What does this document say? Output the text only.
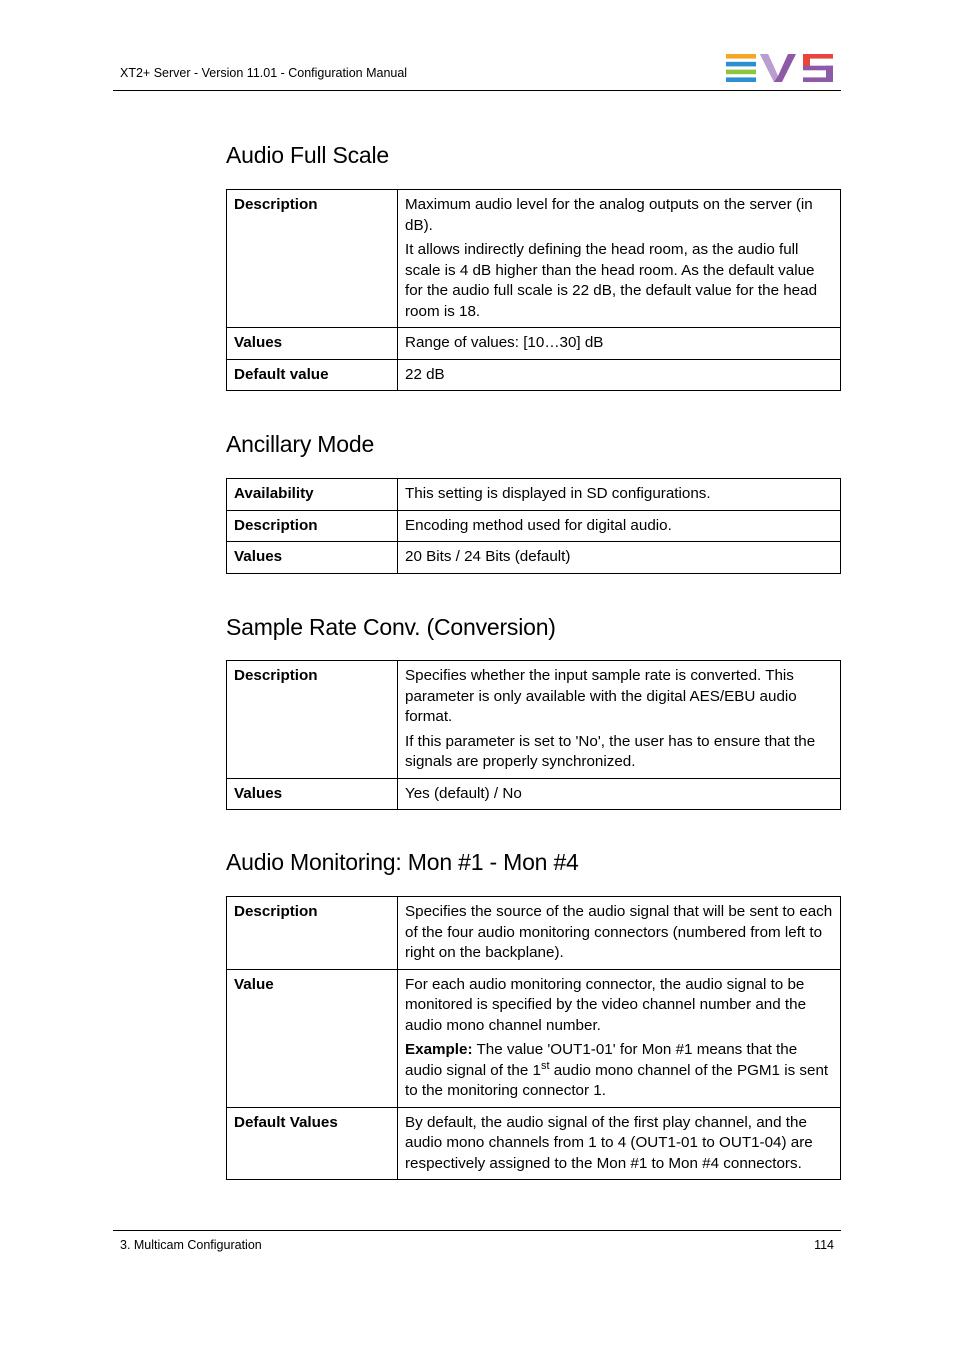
XT2+ Server - Version 11.01 - Configuration Manual
Audio Full Scale
Description	Maximum audio level for the analog outputs on the server (in dB).

It allows indirectly defining the head room, as the audio full scale is 4 dB higher than the head room. As the default value for the audio full scale is 22 dB, the default value for the head room is 18.

Values	Range of values: [10…30] dB

Default value	22 dB

Ancillary Mode
Availability	This setting is displayed in SD configurations.

Description	Encoding method used for digital audio.

Values	20 Bits / 24 Bits (default)

Sample Rate Conv. (Conversion)
Description	Specifies whether the input sample rate is converted. This parameter is only available with the digital AES/EBU audio format.

If this parameter is set to 'No', the user has to ensure that the signals are properly synchronized.

Values	Yes (default) / No

Audio Monitoring: Mon #1 - Mon #4
Description	Specifies the source of the audio signal that will be sent to each of the four audio monitoring connectors (numbered from left to right on the backplane).

Value	For each audio monitoring connector, the audio signal to be monitored is specified by the video channel number and the audio mono channel number.

Example: The value 'OUT1-01' for Mon #1 means that the audio signal of the 1st audio mono channel of the PGM1 is sent to the monitoring connector 1.

Default Values	By default, the audio signal of the first play channel, and the audio mono channels from 1 to 4 (OUT1-01 to OUT1-04) are respectively assigned to the Mon #1 to Mon #4 connectors.

3. Multicam Configuration	114
